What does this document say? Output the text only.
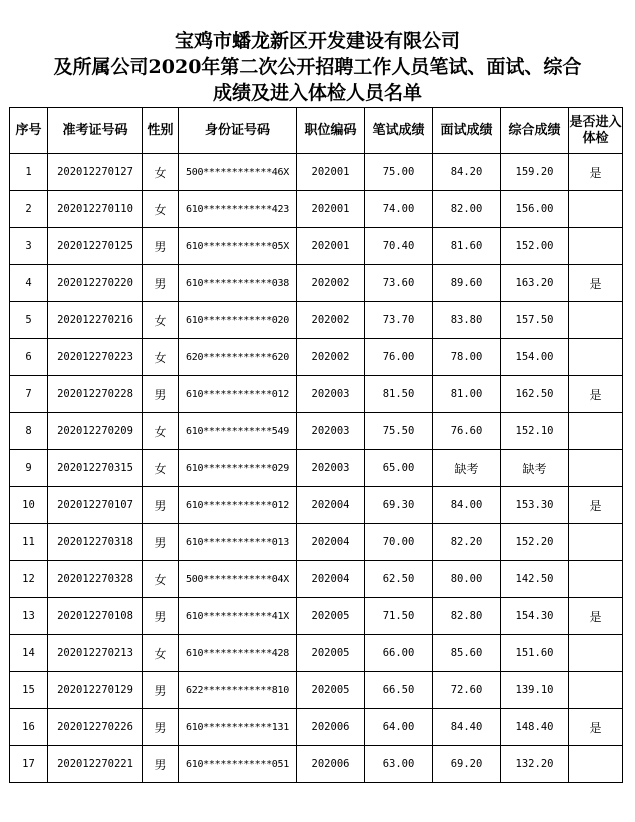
宝鸡市蟠龙新区开发建设有限公司
及所属公司2020年第二次公开招聘工作人员笔试、面试、综合
成绩及进入体检人员名单
序号	准考证号码	性别	身份证号码	职位编码	笔试成绩	面试成绩	综合成绩	是否进入体检
1	202012270127	女	500************46X	202001	75.00	84.20	159.20	是
2	202012270110	女	610************423	202001	74.00	82.00	156.00	
3	202012270125	男	610************05X	202001	70.40	81.60	152.00	
4	202012270220	男	610************038	202002	73.60	89.60	163.20	是
5	202012270216	女	610************020	202002	73.70	83.80	157.50	
6	202012270223	女	620************620	202002	76.00	78.00	154.00	
7	202012270228	男	610************012	202003	81.50	81.00	162.50	是
8	202012270209	女	610************549	202003	75.50	76.60	152.10	
9	202012270315	女	610************029	202003	65.00	缺考	缺考	
10	202012270107	男	610************012	202004	69.30	84.00	153.30	是
11	202012270318	男	610************013	202004	70.00	82.20	152.20	
12	202012270328	女	500************04X	202004	62.50	80.00	142.50	
13	202012270108	男	610************41X	202005	71.50	82.80	154.30	是
14	202012270213	女	610************428	202005	66.00	85.60	151.60	
15	202012270129	男	622************810	202005	66.50	72.60	139.10	
16	202012270226	男	610************131	202006	64.00	84.40	148.40	是
17	202012270221	男	610************051	202006	63.00	69.20	132.20	
